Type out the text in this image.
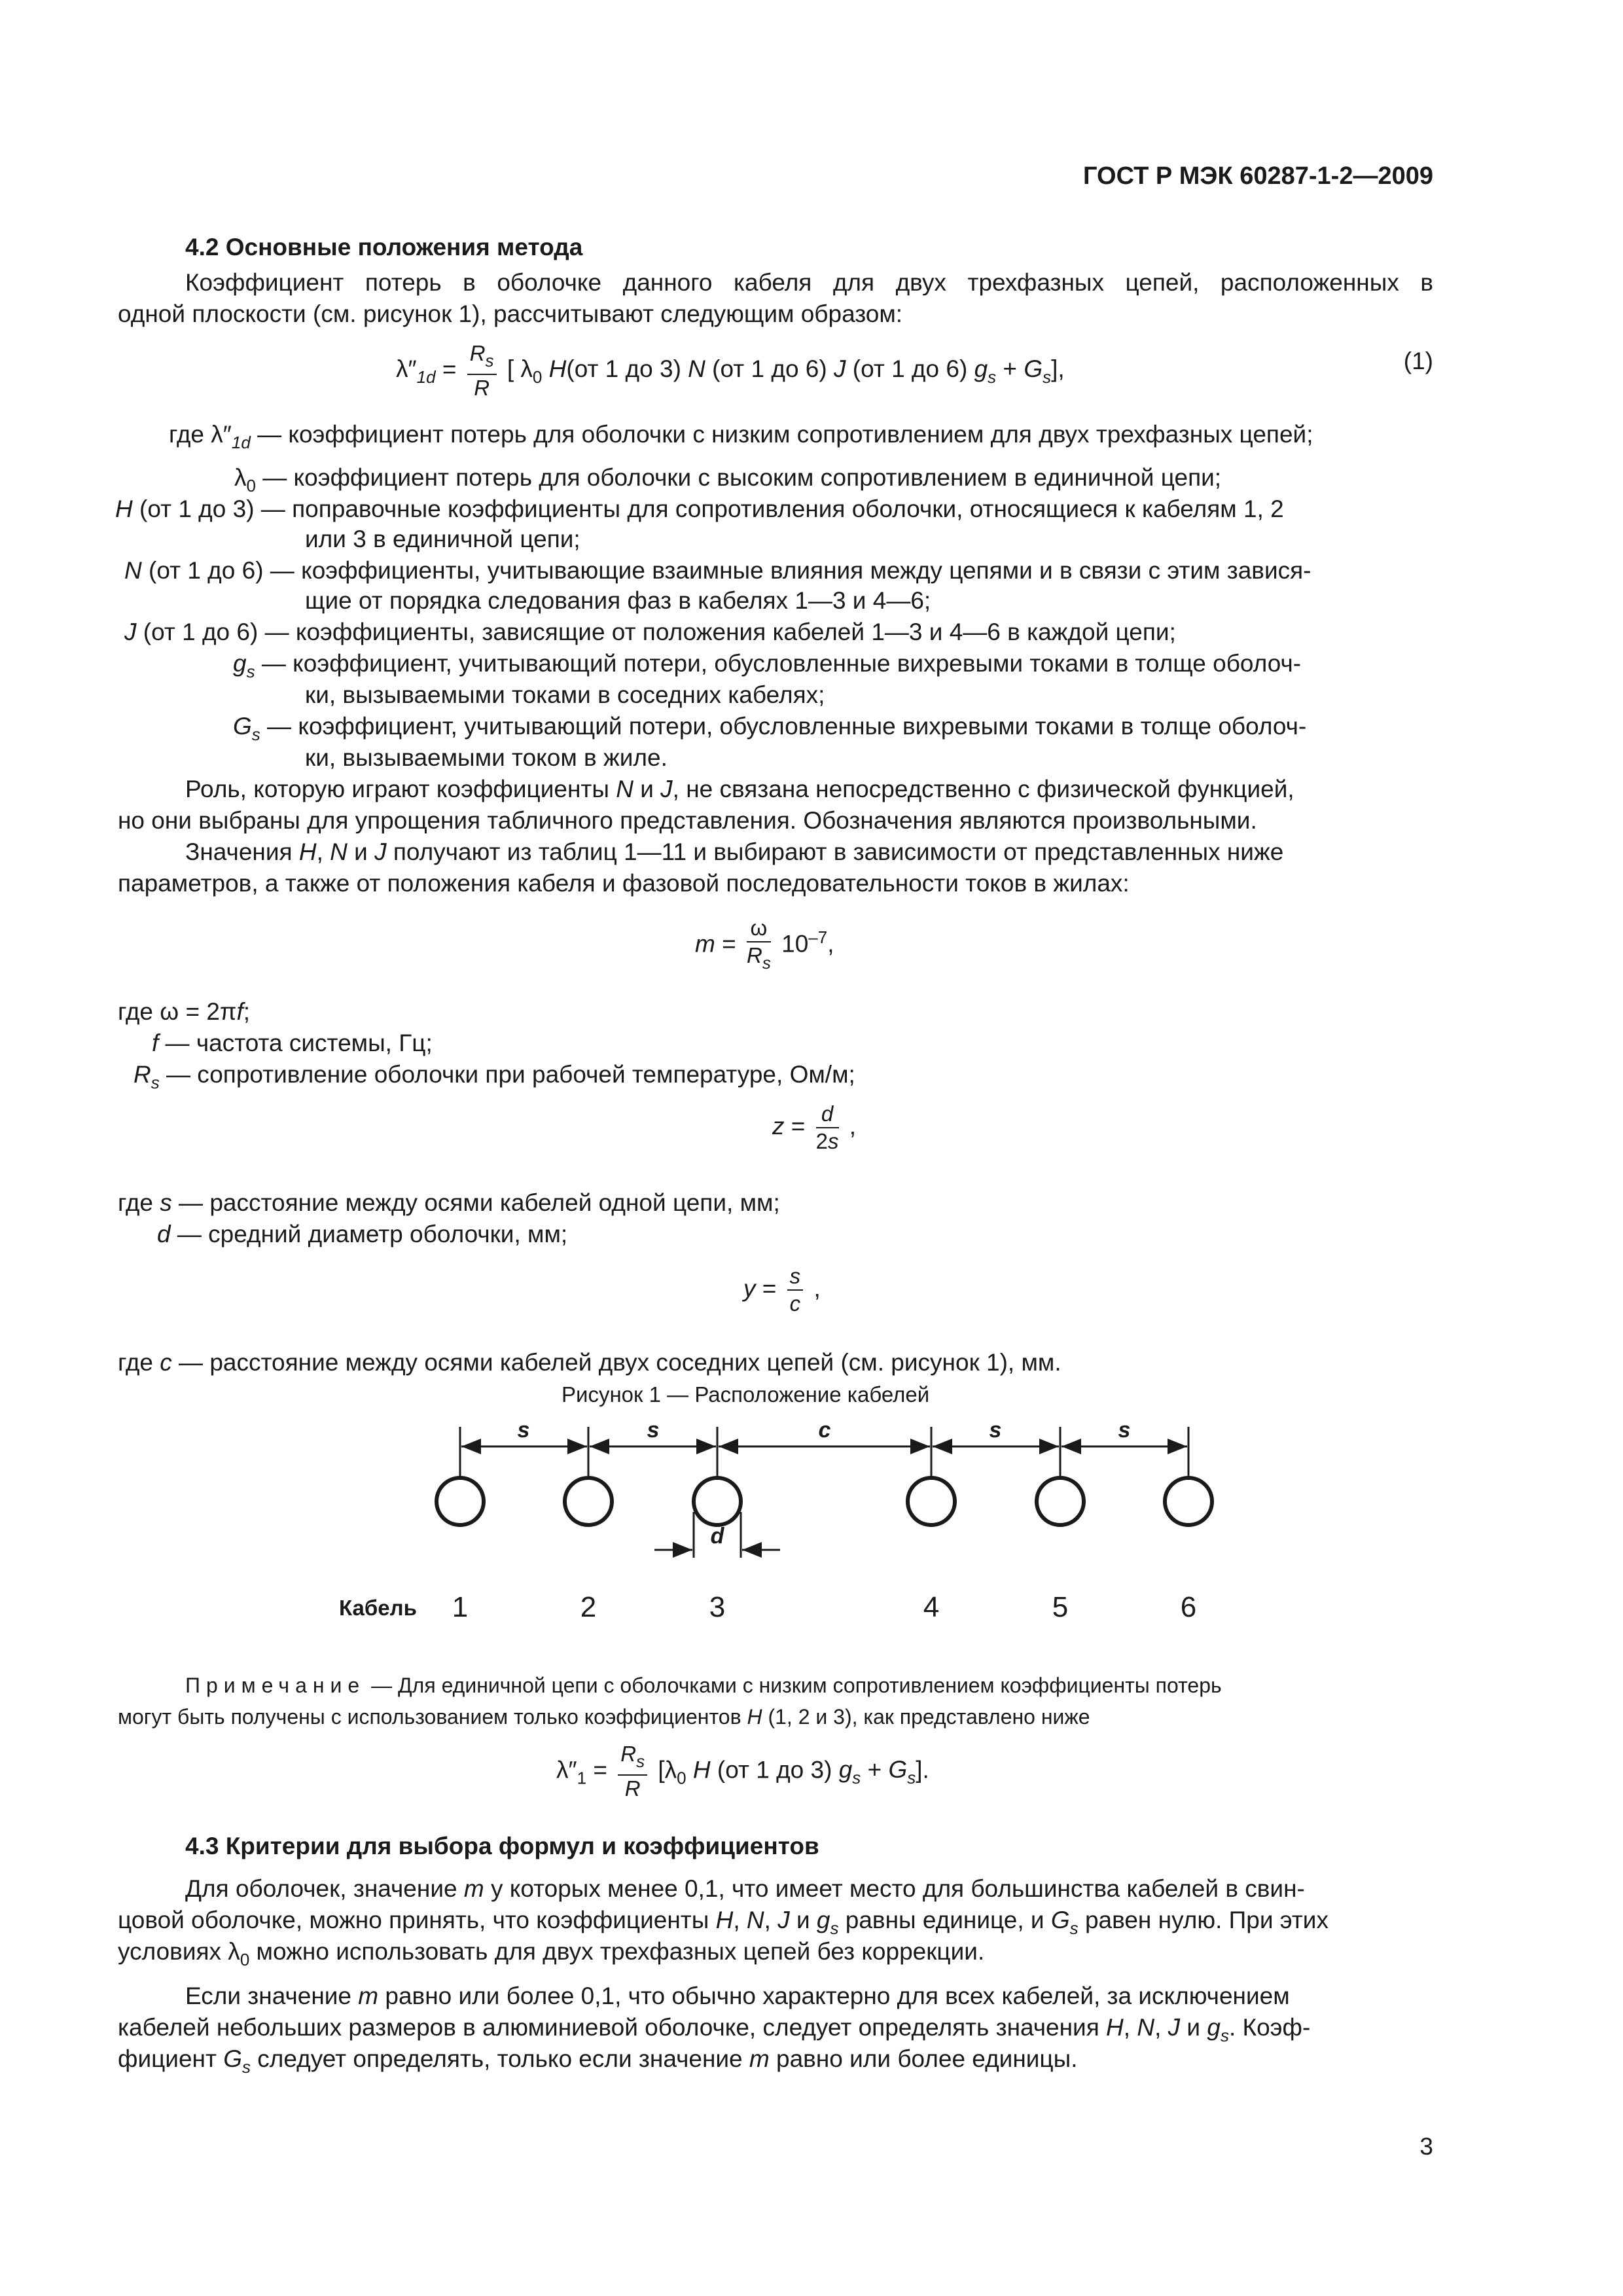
ГОСТ Р МЭК 60287-1-2—2009
4.2 Основные положения метода
Коэффициент потерь в оболочке данного кабеля для двух трехфазных цепей, расположенных в
одной плоскости (см. рисунок 1), рассчитывают следующим образом:
$\lambda''_{1d} = \frac{R_s}{R}$ [ $\lambda_0$ H(от 1 до 3) N (от 1 до 6) J (от 1 до 6) $g_s + G_s$],	(1)
где $\lambda''_{1d}$ — коэффициент потерь для оболочки с низким сопротивлением для двух трехфазных цепей;
$\lambda_0$ — коэффициент потерь для оболочки с высоким сопротивлением в единичной цепи;
H (от 1 до 3) — поправочные коэффициенты для сопротивления оболочки, относящиеся к кабелям 1, 2
или 3 в единичной цепи;
N (от 1 до 6) — коэффициенты, учитывающие взаимные влияния между цепями и в связи с этим завися-
щие от порядка следования фаз в кабелях 1—3 и 4—6;
J (от 1 до 6) — коэффициенты, зависящие от положения кабелей 1—3 и 4—6 в каждой цепи;
$g_s$ — коэффициент, учитывающий потери, обусловленные вихревыми токами в толще оболоч-
ки, вызываемыми токами в соседних кабелях;
$G_s$ — коэффициент, учитывающий потери, обусловленные вихревыми токами в толще оболоч-
ки, вызываемыми током в жиле.
Роль, которую играют коэффициенты N и J, не связана непосредственно с физической функцией,
но они выбраны для упрощения табличного представления. Обозначения являются произвольными.
Значения H, N и J получают из таблиц 1—11 и выбирают в зависимости от представленных ниже
параметров, а также от положения кабеля и фазовой последовательности токов в жилах:
$m = \frac{\omega}{R_s} 10^{-7}$,
где ω = 2πf;
f — частота системы, Гц;
$R_s$ — сопротивление оболочки при рабочей температуре, Ом/м;
$z = \frac{d}{2s}$ ,
где s — расстояние между осями кабелей одной цепи, мм;
d — средний диаметр оболочки, мм;
$y = \frac{s}{c}$ ,
где c — расстояние между осями кабелей двух соседних цепей (см. рисунок 1), мм.
Рисунок 1 — Расположение кабелей
s	s	c	s	s
d
Кабель 1	2	3	4	5	6
Примечание — Для единичной цепи с оболочками с низким сопротивлением коэффициенты потерь
могут быть получены с использованием только коэффициентов H (1, 2 и 3), как представлено ниже
$\lambda''_1 = \frac{R_s}{R} [\lambda_0$ H (от 1 до 3) $g_s + G_s$].
4.3 Критерии для выбора формул и коэффициентов
Для оболочек, значение m у которых менее 0,1, что имеет место для большинства кабелей в свин-
цовой оболочке, можно принять, что коэффициенты H, N, J и $g_s$ равны единице, и $G_s$ равен нулю. При этих
условиях $\lambda_0$ можно использовать для двух трехфазных цепей без коррекции.
Если значение m равно или более 0,1, что обычно характерно для всех кабелей, за исключением
кабелей небольших размеров в алюминиевой оболочке, следует определять значения H, N, J и $g_s$. Коэф-
фициент $G_s$ следует определять, только если значение m равно или более единицы.
3
